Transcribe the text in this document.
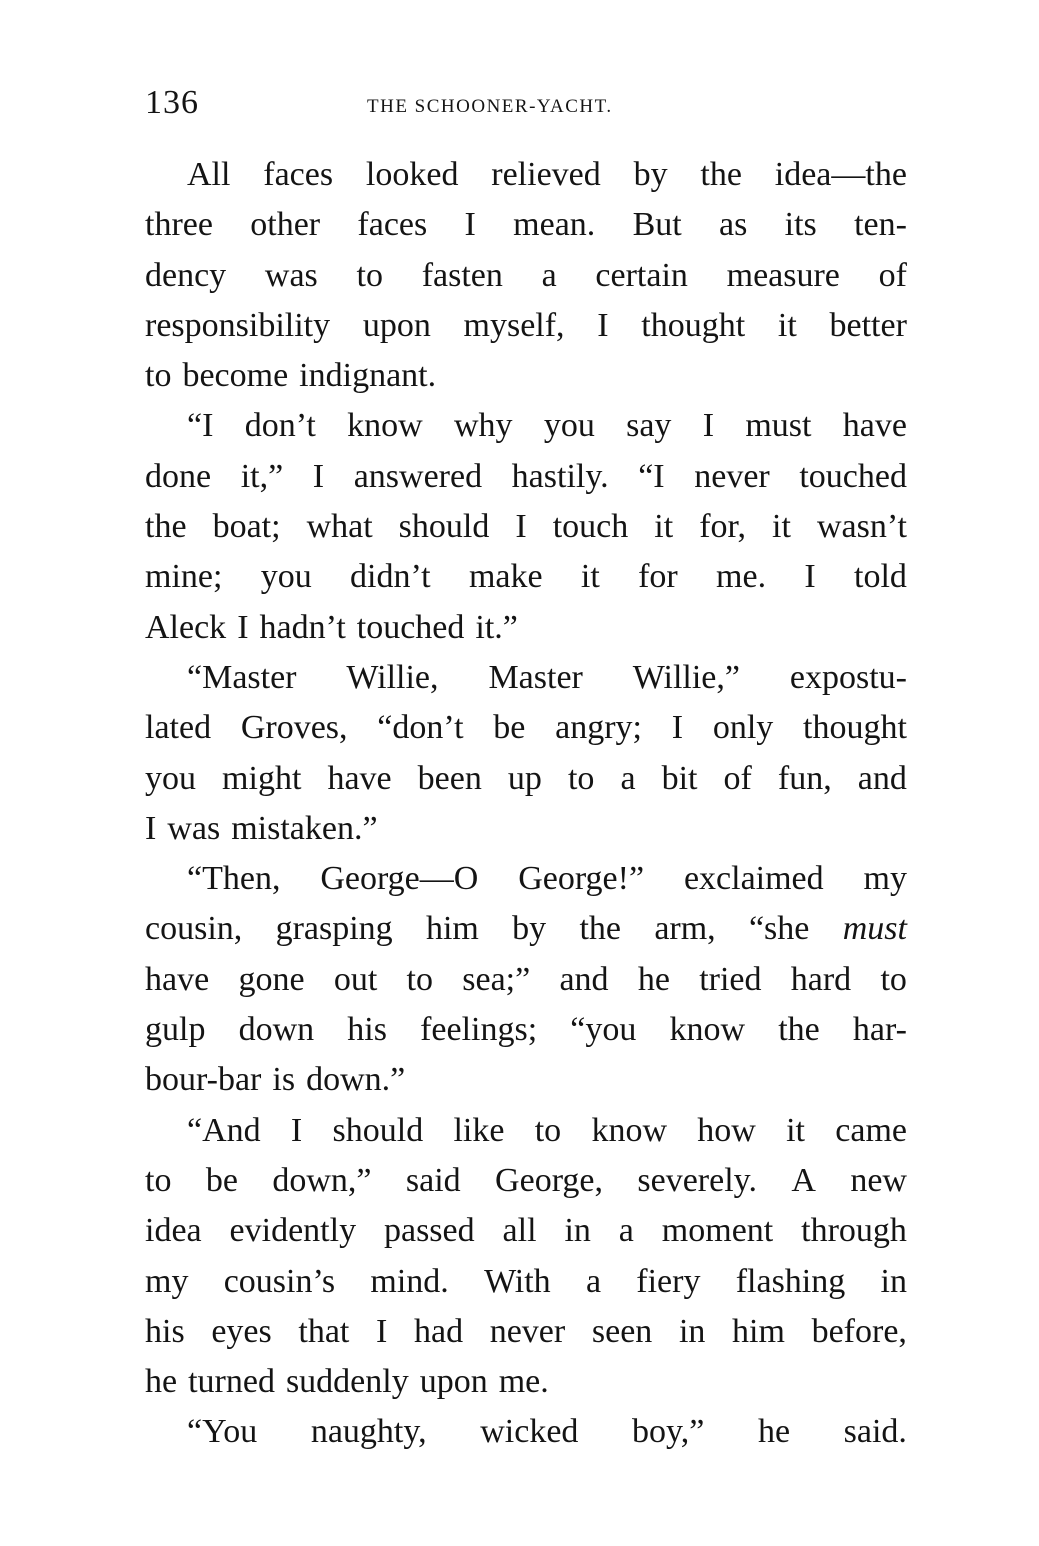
136	THE SCHOONER-YACHT.
All faces looked relieved by the idea—the
three other faces I mean. But as its ten-
dency was to fasten a certain measure of
responsibility upon myself, I thought it better
to become indignant.
“I don’t know why you say I must have
done it,” I answered hastily. “I never touched
the boat; what should I touch it for, it wasn’t
mine; you didn’t make it for me. I told
Aleck I hadn’t touched it.”
“Master Willie, Master Willie,” expostu-
lated Groves, “don’t be angry; I only thought
you might have been up to a bit of fun, and
I was mistaken.”
“Then, George—O George!” exclaimed my
cousin, grasping him by the arm, “she must
have gone out to sea;” and he tried hard to
gulp down his feelings; “you know the har-
bour-bar is down.”
“And I should like to know how it came
to be down,” said George, severely. A new
idea evidently passed all in a moment through
my cousin’s mind. With a fiery flashing in
his eyes that I had never seen in him before,
he turned suddenly upon me.
“You naughty, wicked boy,” he said.
